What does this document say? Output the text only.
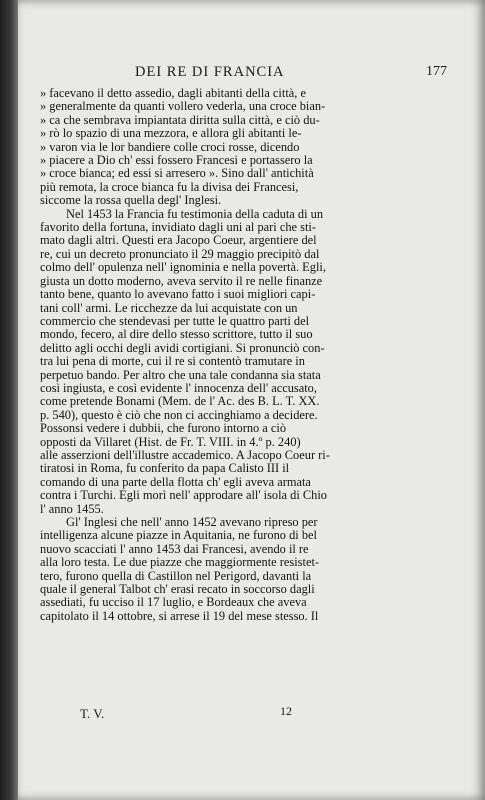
DEI RE DI FRANCIA	177
» facevano il detto assedio, dagli abitanti della città, e
» generalmente da quanti vollero vederla, una croce bian-
» ca che sembrava impiantata diritta sulla città, e ciò du-
» rò lo spazio di una mezzora, e allora gli abitanti le-
» varon via le lor bandiere colle croci rosse, dicendo
» piacere a Dio ch' essi fossero Francesi e portassero la
» croce bianca; ed essi si arresero ». Sino dall' antichità
più remota, la croce bianca fu la divisa dei Francesi,
siccome la rossa quella degl' Inglesi.
Nel 1453 la Francia fu testimonia della caduta di un
favorito della fortuna, invidiato dagli uni al pari che sti-
mato dagli altri. Questi era Jacopo Coeur, argentiere del
re, cui un decreto pronunciato il 29 maggio precipitò dal
colmo dell' opulenza nell' ignominia e nella povertà. Egli,
giusta un dotto moderno, aveva servito il re nelle finanze
tanto bene, quanto lo avevano fatto i suoi migliori capi-
tani coll' armi. Le ricchezze da lui acquistate con un
commercio che stendevasi per tutte le quattro parti del
mondo, fecero, al dire dello stesso scrittore, tutto il suo
delitto agli occhi degli avidi cortigiani. Si pronunciò con-
tra lui pena di morte, cui il re si contentò tramutare in
perpetuo bando. Per altro che una tale condanna sia stata
così ingiusta, e così evidente l' innocenza dell' accusato,
come pretende Bonami (Mem. de l' Ac. des B. L. T. XX.
p. 540), questo è ciò che non ci accinghiamo a decidere.
Possonsi vedere i dubbii, che furono intorno a ciò
opposti da Villaret (Hist. de Fr. T. VIII. in 4.º p. 240)
alle asserzioni dell'illustre accademico. A Jacopo Coeur ri-
tiratosi in Roma, fu conferito da papa Calisto III il
comando di una parte della flotta ch' egli aveva armata
contra i Turchi. Egli morì nell' approdare all' isola di Chio
l' anno 1455.
Gl' Inglesi che nell' anno 1452 avevano ripreso per
intelligenza alcune piazze in Aquitania, ne furono di bel
nuovo scacciati l' anno 1453 dai Francesi, avendo il re
alla loro testa. Le due piazze che maggiormente resistet-
tero, furono quella di Castillon nel Perigord, davanti la
quale il general Talbot ch' erasi recato in soccorso dagli
assediati, fu ucciso il 17 luglio, e Bordeaux che aveva
capitolato il 14 ottobre, si arrese il 19 del mese stesso. Il
T. V.	12
